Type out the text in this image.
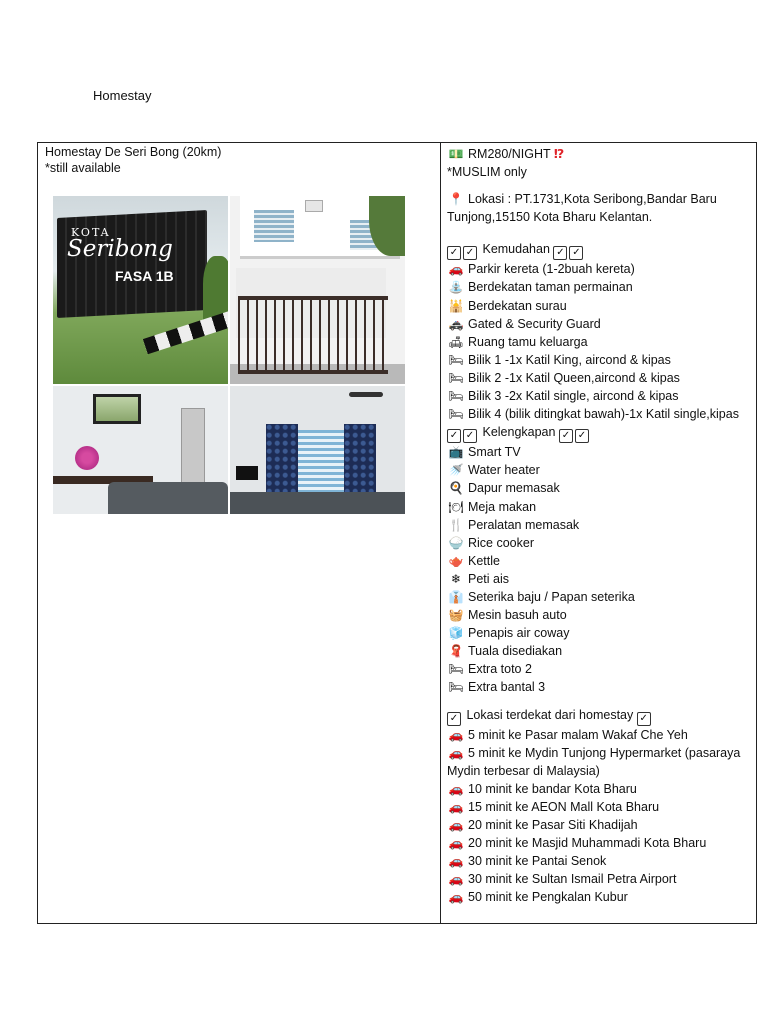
Homestay
Homestay De Seri Bong (20km)
*still available
KOTA
Seribong
FASA 1B
💵 RM280/NIGHT ⁉
*MUSLIM only
📍 Lokasi : PT.1731,Kota Seribong,Bandar Baru Tunjong,15150 Kota Bharu Kelantan.
✓ ✓ Kemudahan ✓ ✓
🚗 Parkir kereta (1-2buah kereta)
⛲ Berdekatan taman permainan
🕌 Berdekatan surau
🚓 Gated & Security Guard
🛋 Ruang tamu keluarga
🛏 Bilik 1 -1x Katil King, aircond & kipas
🛏 Bilik 2 -1x Katil Queen,aircond & kipas
🛏 Bilik 3 -2x Katil single, aircond & kipas
🛏 Bilik 4 (bilik ditingkat bawah)-1x Katil single,kipas
✓ ✓ Kelengkapan ✓ ✓
📺 Smart TV
🚿 Water heater
🍳 Dapur memasak
🍽 Meja makan
🍴 Peralatan memasak
🍚 Rice cooker
🫖 Kettle
❄ Peti ais
👔 Seterika baju / Papan seterika
🧺 Mesin basuh auto
🧊 Penapis air coway
🧣 Tuala disediakan
🛏 Extra toto 2
🛏 Extra bantal 3
✓ Lokasi terdekat dari homestay ✓
🚗 5 minit ke Pasar malam Wakaf Che Yeh
🚗 5 minit ke Mydin Tunjong Hypermarket (pasaraya Mydin terbesar di Malaysia)
🚗 10 minit ke bandar Kota Bharu
🚗 15 minit ke AEON Mall Kota Bharu
🚗 20 minit ke Pasar Siti Khadijah
🚗 20 minit ke Masjid Muhammadi Kota Bharu
🚗 30 minit ke Pantai Senok
🚗 30 minit ke Sultan Ismail Petra Airport
🚗 50 minit ke Pengkalan Kubur
